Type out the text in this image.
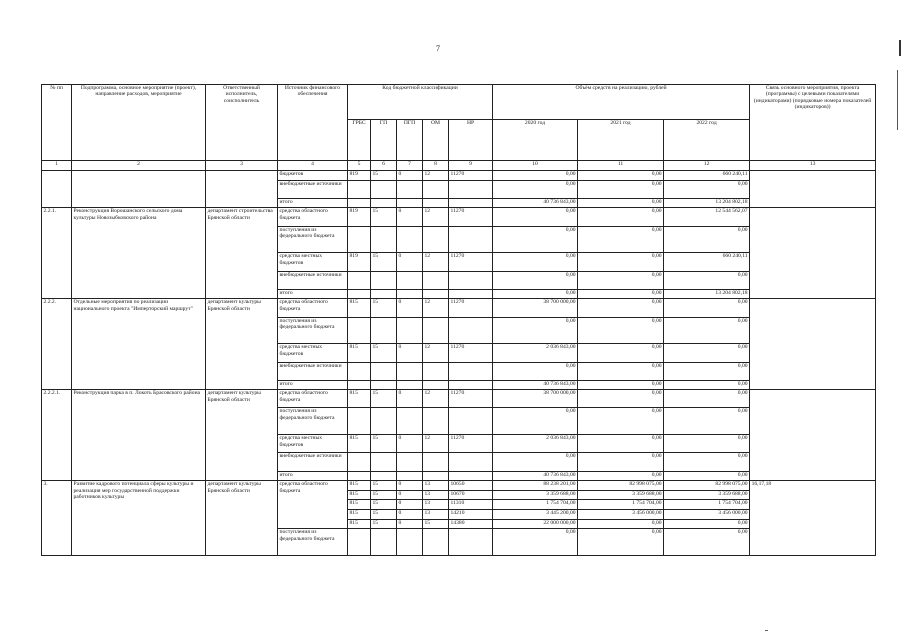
7
№ пп	Подпрограмма, основное мероприятие (проект), направление расходов, мероприятие	Ответственный исполнитель, соисполнитель	Источник финансового обеспечения	Код бюджетной классификации					Объём средств на реализацию, рублей			Связь основного мероприятия, проекта (программы) с целевыми показателями (индикаторами) (порядковые номера показателей (индикаторов))
				ГРБС	ГП	ПГП	ОМ	НР	2020 год	2021 год	2022 год	
1	2	3	4	5	6	7	8	9	10	11	12	13
			бюджетов	819	15	0	12	11270	0,00	0,00	660 240,11	
			внебюджетные источники						0,00	0,00	0,00	
			итого						40 736 843,00	0,00	13 204 802,18	
2.2.1.	Реконструкция Ворошанского сельского дома культуры Новозыбковского района	департамент строительства Брянской области	средства областного бюджета	819	15	0	12	11270	0,00	0,00	12 544 562,07	
			поступления из федерального бюджета						0,00	0,00	0,00	
			средства местных бюджетов	819	15	0	12	11270	0,00	0,00	660 240,11	
			внебюджетные источники						0,00	0,00	0,00	
			итого						0,00	0,00	13 204 802,18	
2.2.2.	Отдельные мероприятия по реализации национального проекта "Имперторский маршрут"	департамент культуры Брянской области	средства областного бюджета	815	15	0	12	11270	38 700 000,00	0,00	0,00	
			поступления из федерального бюджета						0,00	0,00	0,00	
			средства местных бюджетов	815	15	0	12	11270	2 036 843,00	0,00	0,00	
			внебюджетные источники						0,00	0,00	0,00	
			итого						40 736 843,00	0,00	0,00	
2.2.2.1.	Реконструкция парка в п. Локоть Брасовского района	департамент культуры Брянской области	средства областного бюджета	815	15	0	12	11270	38 700 000,00	0,00	0,00	
			поступления из федерального бюджета						0,00	0,00	0,00	
			средства местных бюджетов	815	15	0	12	11270	2 036 843,00	0,00	0,00	
			внебюджетные источники						0,00	0,00	0,00	
			итого						40 736 843,00	0,00	0,00	
3.	Развитие кадрового потенциала сферы культуры и реализация мер государственной поддержки работников культуры	департамент культуры Брянской области	средства областного бюджета	815	15	0	13	10650	88 238 201,00	82 998 075,00	82 998 075,00	16,17,18
				815	15	0	13	10670	3 359 688,00	3 359 688,00	3 359 688,00	
				815	15	0	13	11310	1 754 704,00	1 754 704,00	1 754 704,00	
				815	15	0	13	14210	3 445 200,00	3 456 000,00	3 456 000,00	
				815	15	0	15	14380	22 000 000,00	0,00	0,00	
			поступления из федерального бюджета						0,00	0,00	0,00	
